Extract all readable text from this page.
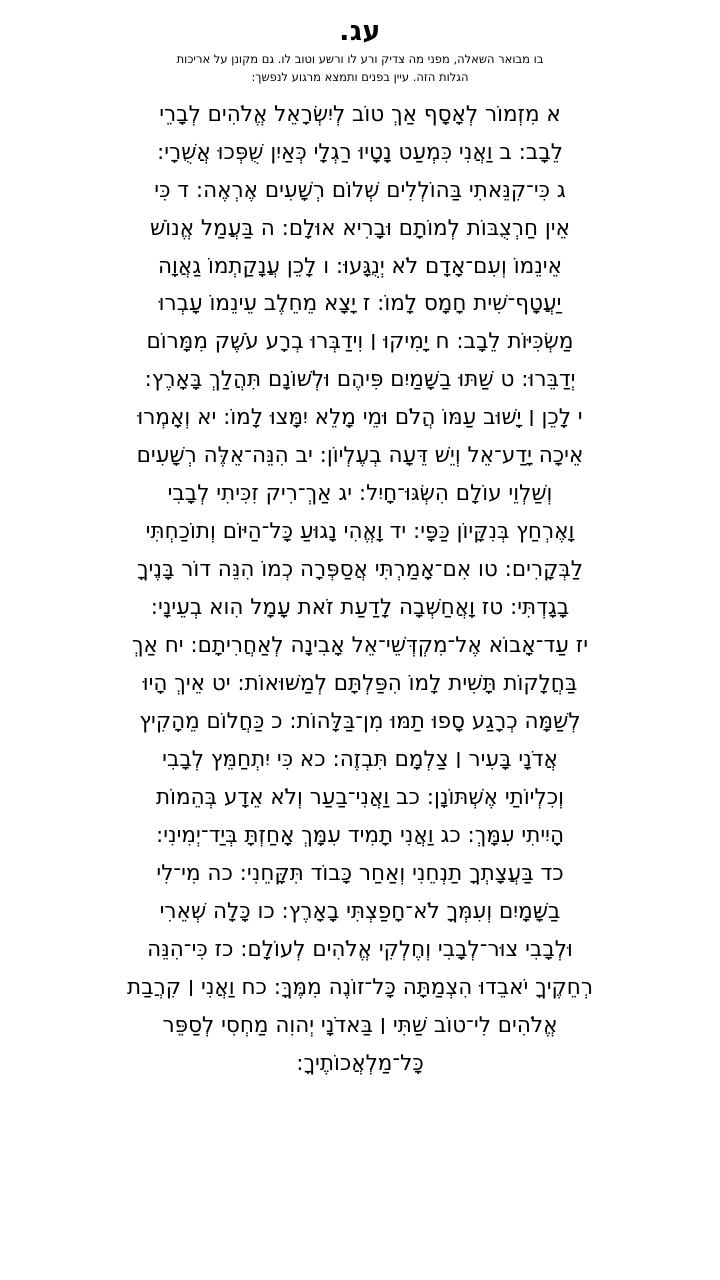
עג.
בו מבואר השאלה, מפני מה צדיק ורע לו ורשע וטוב לו. גם מקונן על אריכות
הגלות הזה. עיין בפנים ותמצא מרגוע לנפשך:
א מִזְמוֹר לְאָסָף אַךְ טוֹב לְיִשְׂרָאֵל אֱלֹהִים לְבָרֵי
לֵבָב: ב וַאֲנִי כִּמְעַט נָטָיוּ רַגְלָי כְּאַיִן שֻׁפְּכוּ אֲשֻׁרָי:
ג כִּי־קִנֵּאתִי בַּהוֹלְלִים שְׁלוֹם רְשָׁעִים אֶרְאֶה: ד כִּי
אֵין חַרְצֻבּוֹת לְמוֹתָם וּבָרִיא אוּלָם: ה בַּעֲמַל אֱנוֹשׁ
אֵינֵמוֹ וְעִם־אָדָם לֹא יְנֻגָּעוּ: ו לָכֵן עֲנָקַתְמוֹ גַאֲוָה
יַעֲטָף־שִׁית חָמָס לָמוֹ: ז יָצָא מֵחֵלֶב עֵינֵמוֹ עָבְרוּ
מַשְׂכִּיּוֹת לֵבָב: ח יָמִיקוּ ׀ וִידַבְּרוּ בְרָע עֹשֶׁק מִמָּרוֹם
יְדַבֵּרוּ: ט שַׁתּוּ בַשָּׁמַיִם פִּיהֶם וּלְשׁוֹנָם תִּהֲלַךְ בָּאָרֶץ:
י לָכֵן ׀ יָשׁוּב עַמּוֹ הֲלֹם וּמֵי מָלֵא יִמָּצוּ לָמוֹ: יא וְאָמְרוּ
אֵיכָה יָדַע־אֵל וְיֵשׁ דֵּעָה בְעֶלְיוֹן: יב הִנֵּה־אֵלֶּה רְשָׁעִים
וְשַׁלְוֵי עוֹלָם הִשְׂגּוּ־חָיִל: יג אַךְ־רִיק זִכִּיתִי לְבָבִי
וָאֶרְחַץ בְּנִקָּיוֹן כַּפָּי: יד וָאֱהִי נָגוּעַ כָּל־הַיּוֹם וְתוֹכַחְתִּי
לַבְּקָרִים: טו אִם־אָמַרְתִּי אֲסַפְּרָה כְמוֹ הִנֵּה דוֹר בָּנֶיךָ
בָגָדְתִּי: טז וָאֲחַשְּׁבָה לָדַעַת זֹאת עָמָל הִוא בְעֵינָי:
יז עַד־אָבוֹא אֶל־מִקְדְּשֵׁי־אֵל אָבִינָה לְאַחֲרִיתָם: יח אַךְ
בַּחֲלָקוֹת תָּשִׁית לָמוֹ הִפַּלְתָּם לְמַשּׁוּאוֹת: יט אֵיךְ הָיוּ
לְשַׁמָּה כְרָגַע סָפוּ תַמּוּ מִן־בַּלָּהוֹת: כ כַּחֲלוֹם מֵהָקִיץ
אֲדֹנָי בָּעִיר ׀ צַלְמָם תִּבְזֶה: כא כִּי יִתְחַמֵּץ לְבָבִי
וְכִלְיוֹתַי אֶשְׁתּוֹנָן: כב וַאֲנִי־בַעַר וְלֹא אֵדָע בְּהֵמוֹת
הָיִיתִי עִמָּךְ: כג וַאֲנִי תָמִיד עִמָּךְ אָחַזְתָּ בְּיַד־יְמִינִי:
כד בַּעֲצָתְךָ תַנְחֵנִי וְאַחַר כָּבוֹד תִּקָּחֵנִי: כה מִי־לִי
בַשָּׁמָיִם וְעִמְּךָ לֹא־חָפַצְתִּי בָאָרֶץ: כו כָּלָה שְׁאֵרִי
וּלְבָבִי צוּר־לְבָבִי וְחֶלְקִי אֱלֹהִים לְעוֹלָם: כז כִּי־הִנֵּה
רְחֵקֶיךָ יֹאבֵדוּ הִצְמַתָּה כָּל־זוֹנֶה מִמֶּךָּ: כח וַאֲנִי ׀ קִרֲבַת
אֱלֹהִים לִי־טוֹב שַׁתִּי ׀ בַּאדֹנָי יְהוִה מַחְסִי לְסַפֵּר
כָּל־מַלְאֲכוֹתֶיךָ:
